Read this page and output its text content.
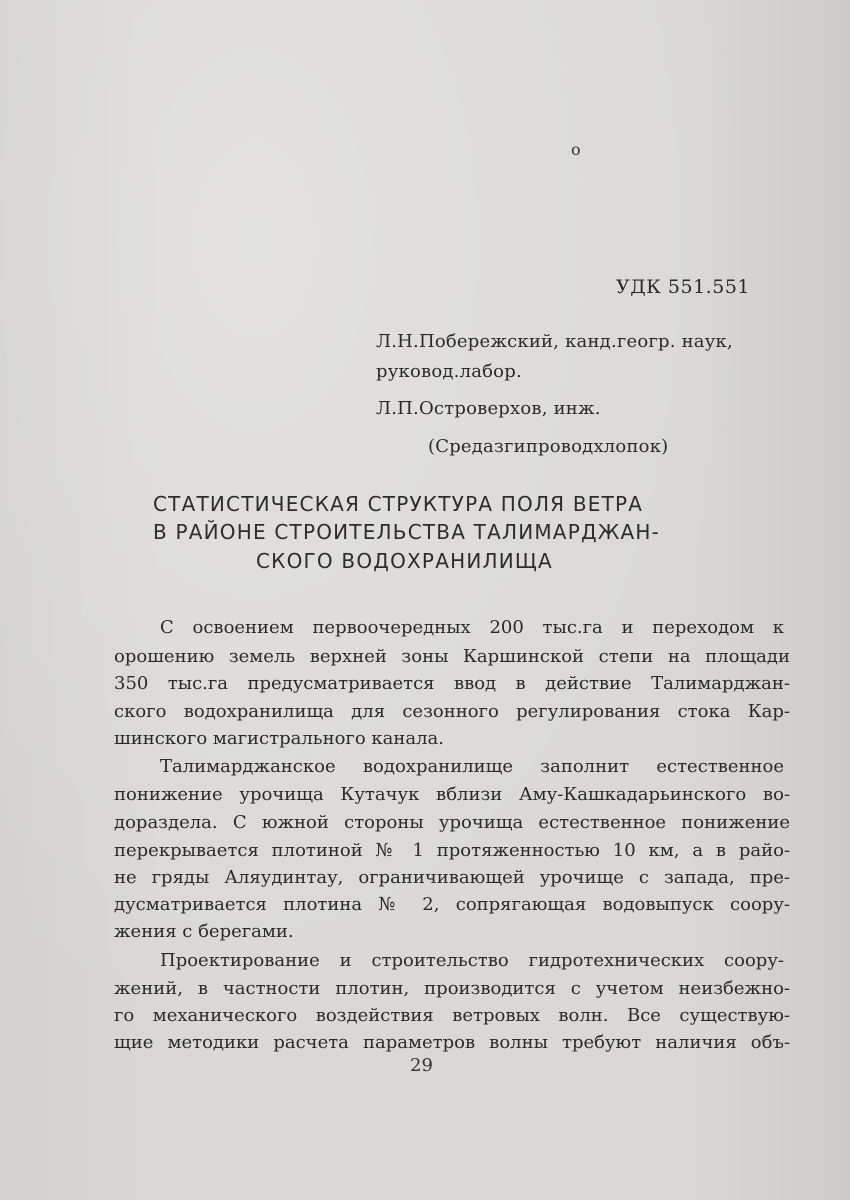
o
УДК 551.551
Л.Н.Побережский, канд.геогр. наук,
руковод.лабор.
Л.П.Островерхов, инж.
(Средазгипроводхлопок)
СТАТИСТИЧЕСКАЯ СТРУКТУРА ПОЛЯ ВЕТРА
В РАЙОНЕ СТРОИТЕЛЬСТВА ТАЛИМАРДЖАН-
СКОГО ВОДОХРАНИЛИЩА
С освоением первоочередных 200 тыс.га и переходом к
орошению земель верхней зоны Каршинской степи на площади
350 тыс.га предусматривается ввод в действие Талимарджан-
ского водохранилища для сезонного регулирования стока Кар-
шинского магистрального канала.
Талимарджанское водохранилище заполнит естественное
понижение урочища Кутачук вблизи Аму-Кашкадарьинского во-
дораздела. С южной стороны урочища естественное понижение
перекрывается плотиной № 1 протяженностью 10 км, а в райо-
не гряды Аляудинтау, ограничивающей урочище с запада, пре-
дусматривается плотина № 2, сопрягающая водовыпуск соору-
жения с берегами.
Проектирование и строительство гидротехнических соору-
жений, в частности плотин, производится с учетом неизбежно-
го механического воздействия ветровых волн. Все существую-
щие методики расчета параметров волны требуют наличия объ-
29
